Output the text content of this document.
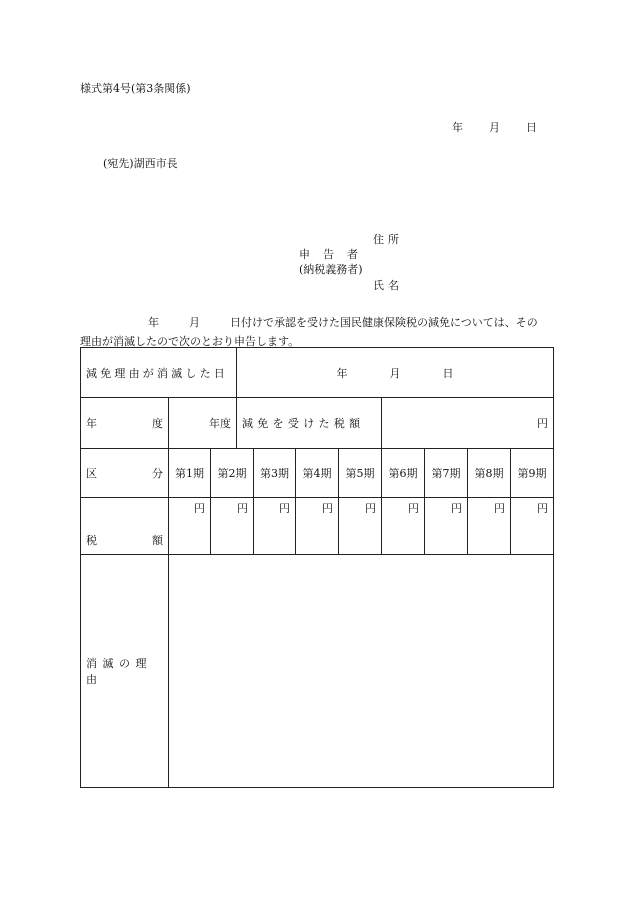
様式第4号(第3条関係)
年 月 日
(宛先)湖西市長
住所
申告者
(納税義務者)
氏名
年	月	日付けで承認を受けた国民健康保険税の減免については、その
理由が消滅したので次のとおり申告します。
減免理由が消滅した日			年 月 日							

年 度	年度		減免を受けた税額				円			

区 分	第1期	第2期		第3期	第4期	第5期	第6期	第7期	第8期	第9期

税 額	円	円		円	円	円	円	円	円	円
消滅の理由										
